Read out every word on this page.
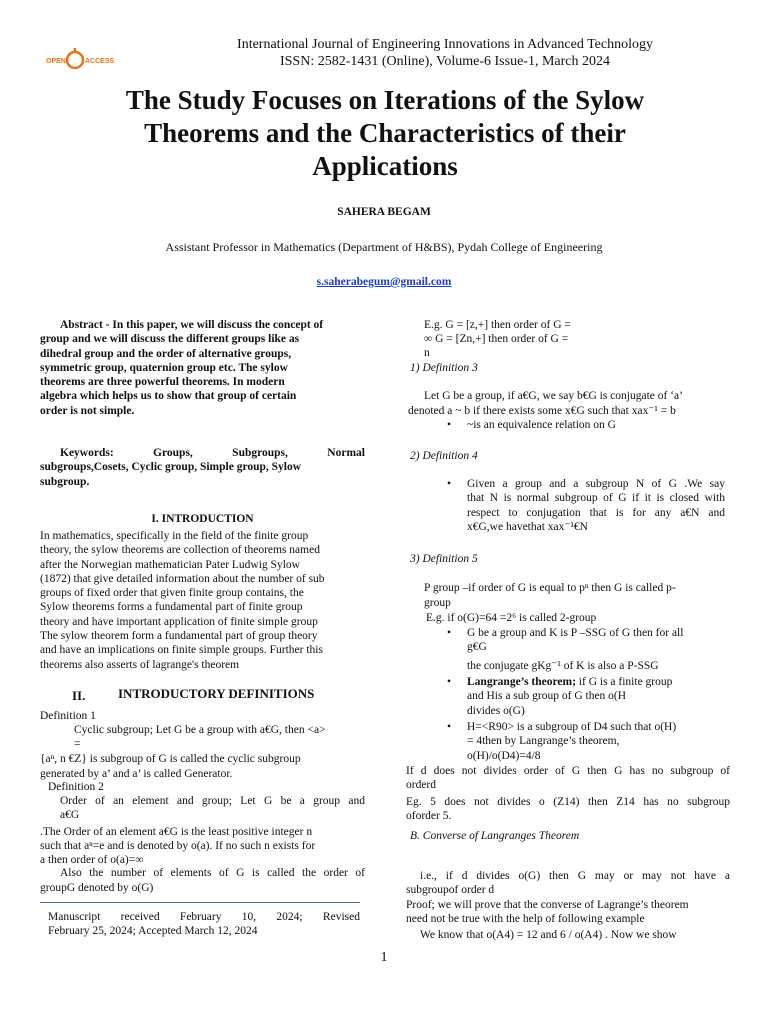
OPEN	ACCESS
International Journal of Engineering Innovations in Advanced Technology
ISSN: 2582-1431 (Online), Volume-6 Issue-1, March 2024
The Study Focuses on Iterations of the Sylow
Theorems and the Characteristics of their
Applications
SAHERA BEGAM
Assistant Professor in Mathematics (Department of H&BS), Pydah College of Engineering
s.saherabegum@gmail.com
Abstract - In this paper, we will discuss the concept of
group and we will discuss the different groups like as
dihedral group and the order of alternative groups,
symmetric group, quaternion group etc. The sylow
theorems are three powerful theorems. In modern
algebra which helps us to show that group of certain
order is not simple.
Keywords: Groups, Subgroups, Normal
subgroups,Cosets, Cyclic group, Simple group, Sylow
subgroup.
I. INTRODUCTION
In mathematics, specifically in the field of the finite group
theory, the sylow theorems are collection of theorems named
after the Norwegian mathematician Pater Ludwig Sylow
(1872) that give detailed information about the number of sub
groups of fixed order that given finite group contains, the
Sylow theorems forms a fundamental part of finite group
theory and have important application of finite simple group
The sylow theorem form a fundamental part of group theory
and have an implications on finite simple groups. Further this
theorems also asserts of lagrange's theorem
II.	INTRODUCTORY DEFINITIONS
Definition 1
Cyclic subgroup; Let G be a group with a€G, then <a>
=
{aⁿ, n €Z} is subgroup of G is called the cyclic subgroup
generated by a’ and a’ is called Generator.
Definition 2
Order of an element and group; Let G be a group and
a€G
.The Order of an element a€G is the least positive integer n
such that aⁿ=e and is denoted by o(a). If no such n exists for
a then order of o(a)=∞
Also the number of elements of G is called the order of
groupG denoted by o(G)
Manuscript received February 10, 2024; Revised
February 25, 2024; Accepted March 12, 2024
E.g. G = [z,+] then order of G =
∞ G = [Zn,+] then order of G =
n
1) Definition 3
Let G be a group, if a€G, we say b€G is conjugate of ‘a’
denoted a ~ b if there exists some x€G such that xax⁻¹ = b
• ~is an equivalence relation on G
2) Definition 4
• Given a group and a subgroup N of G .We say
that N is normal subgroup of G if it is closed with
respect to conjugation that is for any a€N and
x€G,we havethat xax⁻¹€N
3) Definition 5
P group –if order of G is equal to pⁿ then G is called p-
group
E.g. if o(G)=64 =2⁶ is called 2-group
• G be a group and K is P –SSG of G then for all
g€G
the conjugate gKg⁻¹ of K is also a P-SSG
• Langrange’s theorem; if G is a finite group
and His a sub group of G then o(H
divides o(G)
• H=<R90> is a subgroup of D4 such that o(H)
= 4then by Langrange’s theorem,
o(H)/o(D4)=4/8
If d does not divides order of G then G has no subgroup of
orderd
Eg. 5 does not divides o (Z14) then Z14 has no subgroup
oforder 5.
B. Converse of Langranges Theorem
i.e., if d divides o(G) then G may or may not have a
subgroupof order d
Proof; we will prove that the converse of Lagrange’s theorem
need not be true with the help of following example
We know that o(A4) = 12 and 6 / o(A4) . Now we show
1
